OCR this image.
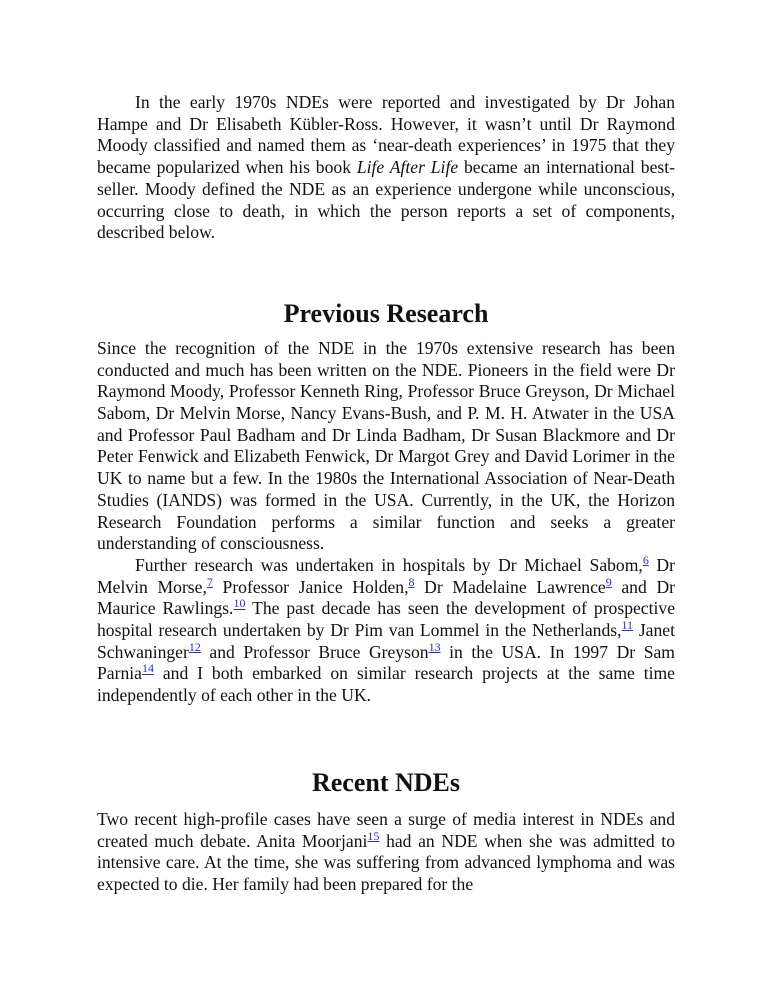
In the early 1970s NDEs were reported and investigated by Dr Johan Hampe and Dr Elisabeth Kübler-Ross. However, it wasn’t until Dr Raymond Moody classified and named them as ‘near-death experiences’ in 1975 that they became popularized when his book Life After Life became an international best-seller. Moody defined the NDE as an experience undergone while unconscious, occurring close to death, in which the person reports a set of components, described below.

Previous Research

Since the recognition of the NDE in the 1970s extensive research has been conducted and much has been written on the NDE. Pioneers in the field were Dr Raymond Moody, Professor Kenneth Ring, Professor Bruce Greyson, Dr Michael Sabom, Dr Melvin Morse, Nancy Evans-Bush, and P. M. H. Atwater in the USA and Professor Paul Badham and Dr Linda Badham, Dr Susan Blackmore and Dr Peter Fenwick and Elizabeth Fenwick, Dr Margot Grey and David Lorimer in the UK to name but a few. In the 1980s the International Association of Near-Death Studies (IANDS) was formed in the USA. Currently, in the UK, the Horizon Research Foundation performs a similar function and seeks a greater understanding of consciousness.

Further research was undertaken in hospitals by Dr Michael Sabom,$^6$ Dr Melvin Morse,$^7$ Professor Janice Holden,$^8$ Dr Madelaine Lawrence$^9$ and Dr Maurice Rawlings.$^{10}$ The past decade has seen the development of prospective hospital research undertaken by Dr Pim van Lommel in the Netherlands,$^{11}$ Janet Schwaninger$^{12}$ and Professor Bruce Greyson$^{13}$ in the USA. In 1997 Dr Sam Parnia$^{14}$ and I both embarked on similar research projects at the same time independently of each other in the UK.

Recent NDEs

Two recent high-profile cases have seen a surge of media interest in NDEs and created much debate. Anita Moorjani$^{15}$ had an NDE when she was admitted to intensive care. At the time, she was suffering from advanced lymphoma and was expected to die. Her family had been prepared for the
